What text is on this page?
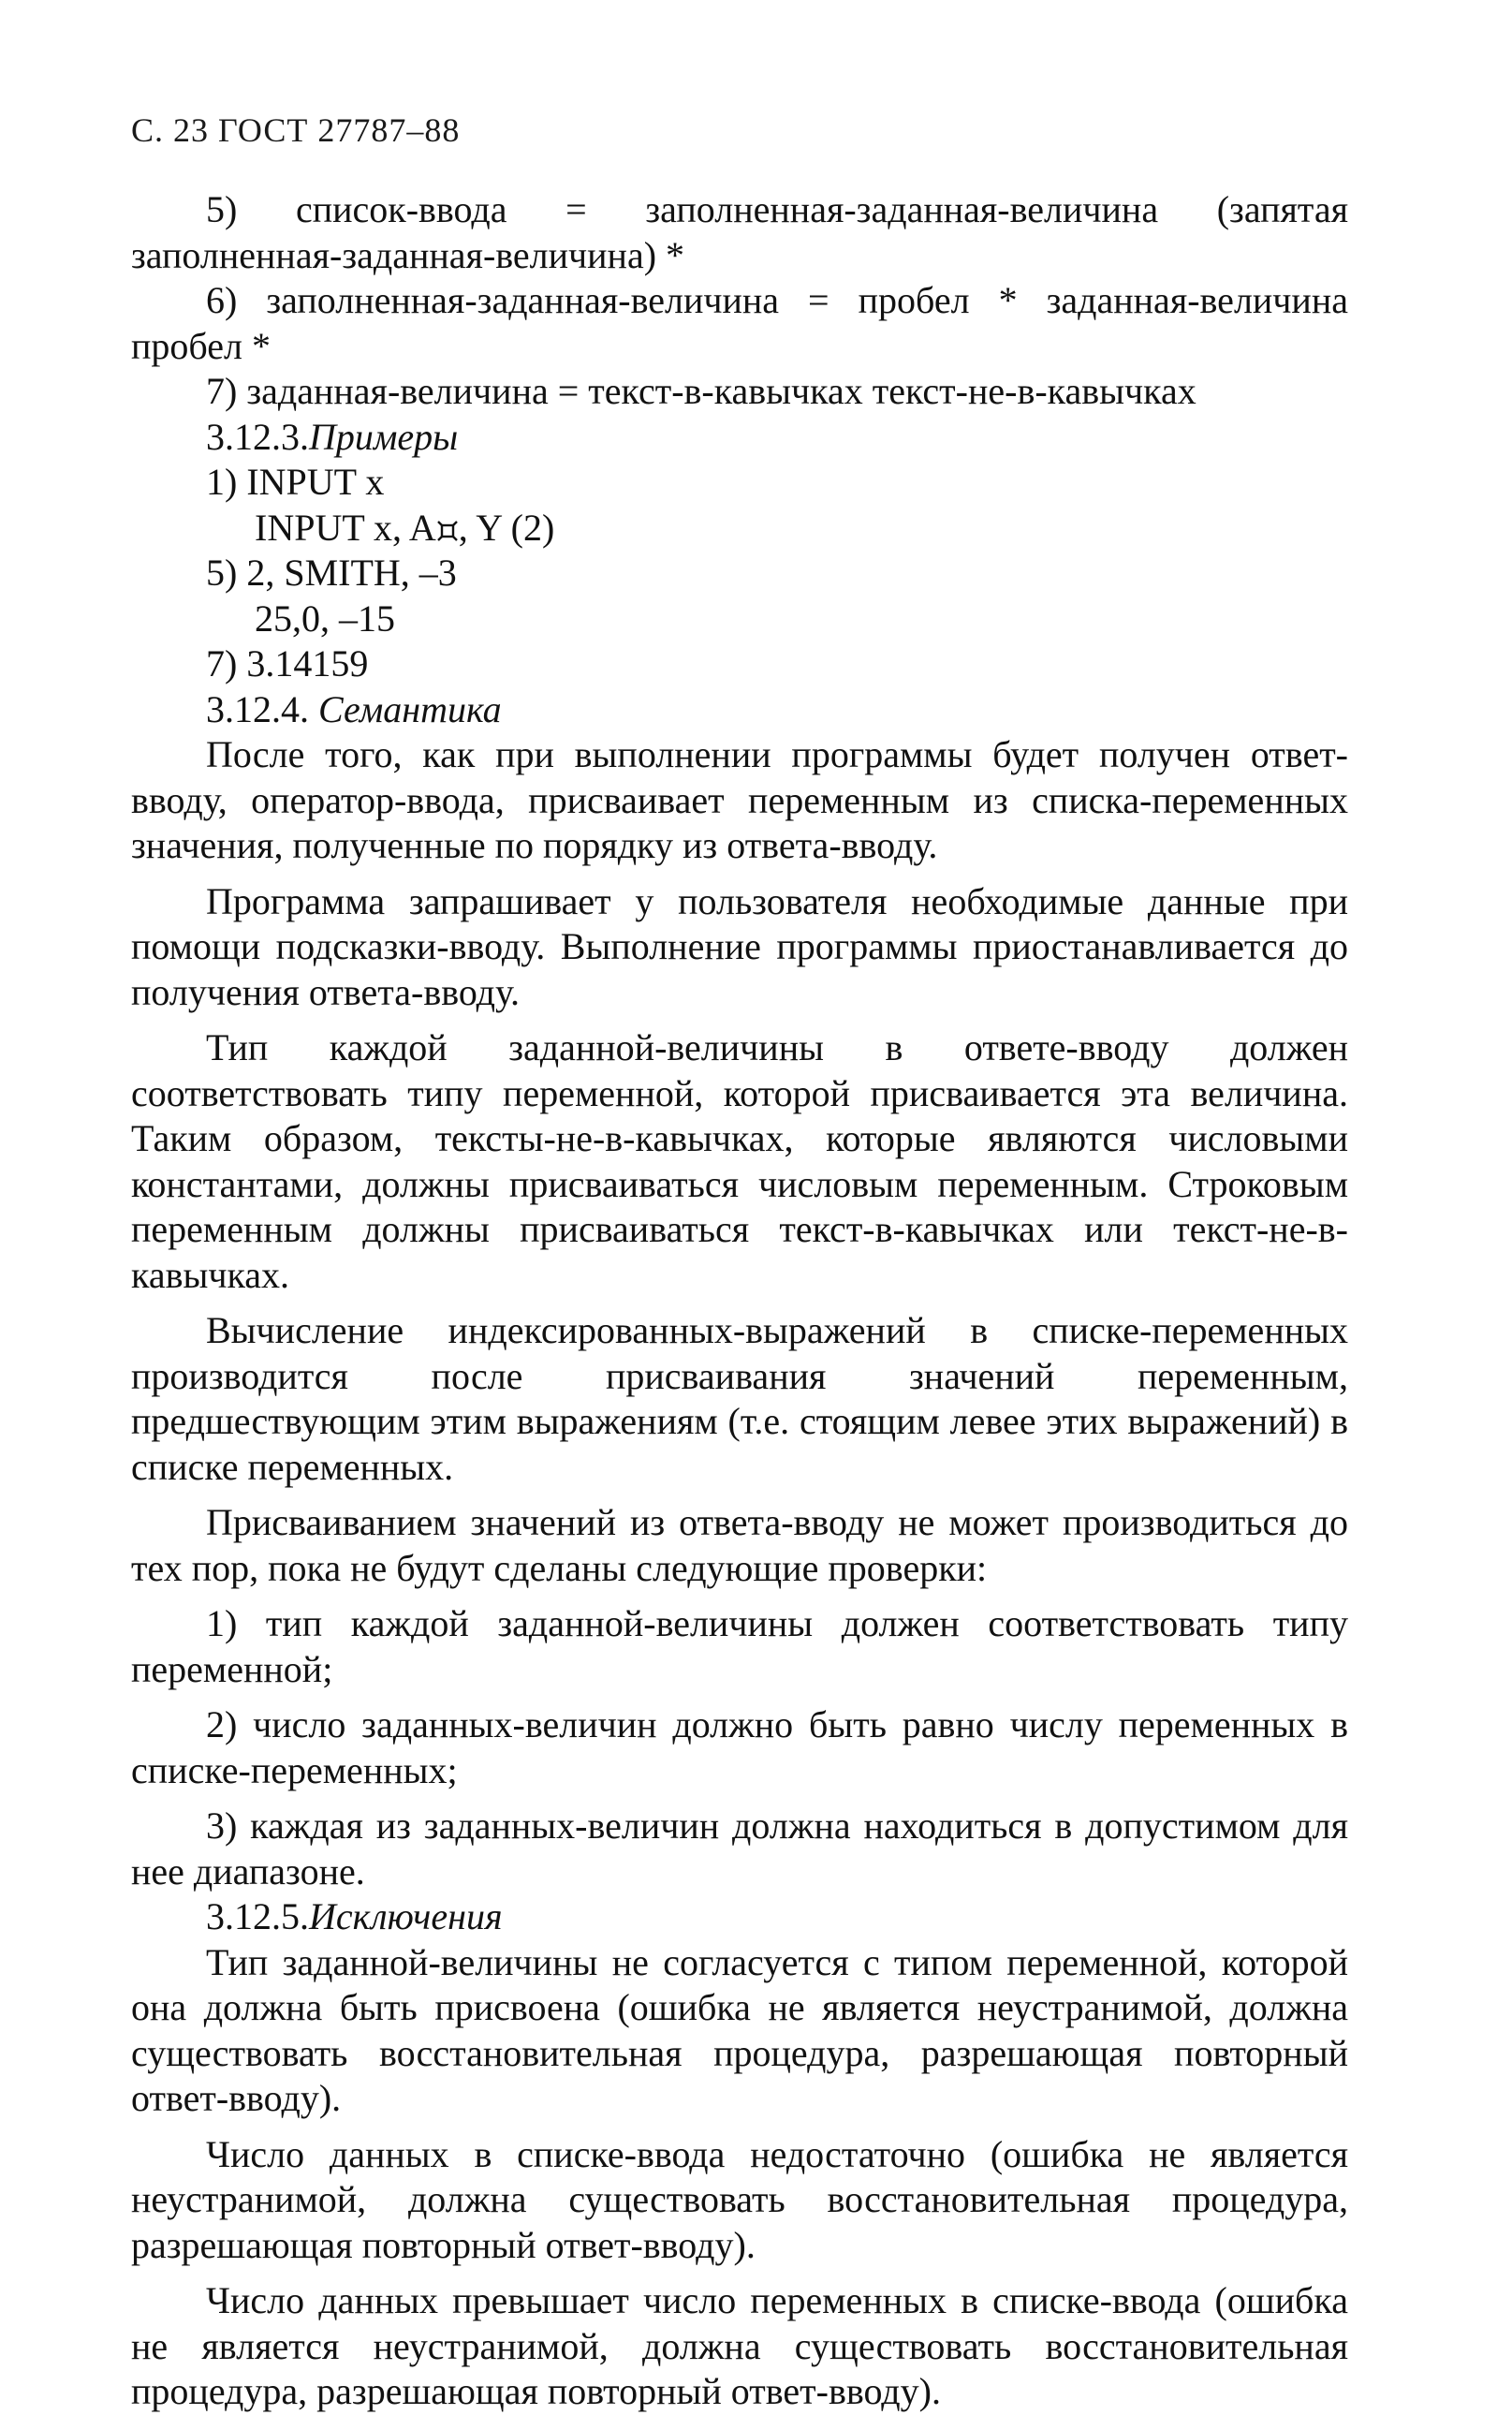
С. 23 ГОСТ 27787–88

5) список-ввода = заполненная-заданная-величина (запятая заполненная-заданная-величина) *

6) заполненная-заданная-величина = пробел * заданная-величина пробел *

7) заданная-величина = текст-в-кавычках текст-не-в-кавычках

3.12.3.Примеры

1) INPUT x

INPUT x, A , Y (2)

5) 2, SMITH, –3

25,0, –15

7) 3.14159

3.12.4. Семантика

После того, как при выполнении программы будет получен ответ-вводу, оператор-ввода, присваивает переменным из списка-переменных значения, полученные по порядку из ответа-вводу.

Программа запрашивает у пользователя необходимые данные при помощи подсказки-вводу. Выполнение программы приостанавливается до получения ответа-вводу.

Тип каждой заданной-величины в ответе-вводу должен соответствовать типу переменной, которой присваивается эта величина. Таким образом, тексты-не-в-кавычках, которые являются числовыми константами, должны присваиваться числовым переменным. Строковым переменным должны присваиваться текст-в-кавычках или текст-не-в-кавычках.

Вычисление индексированных-выражений в списке-переменных производится после присваивания значений переменным, предшествующим этим выражениям (т.е. стоящим левее этих выражений) в списке переменных.

Присваиванием значений из ответа-вводу не может производиться до тех пор, пока не будут сделаны следующие проверки:

1) тип каждой заданной-величины должен соответствовать типу переменной;

2) число заданных-величин должно быть равно числу переменных в списке-переменных;

3) каждая из заданных-величин должна находиться в допустимом для нее диапазоне.

3.12.5.Исключения

Тип заданной-величины не согласуется с типом переменной, которой она должна быть присвоена (ошибка не является неустранимой, должна существовать восстановительная процедура, разрешающая повторный ответ-вводу).

Число данных в списке-ввода недостаточно (ошибка не является неустранимой, должна существовать восстановительная процедура, разрешающая повторный ответ-вводу).

Число данных превышает число переменных в списке-ввода (ошибка не является неустранимой, должна существовать восстановительная процедура, разрешающая повторный ответ-вводу).
